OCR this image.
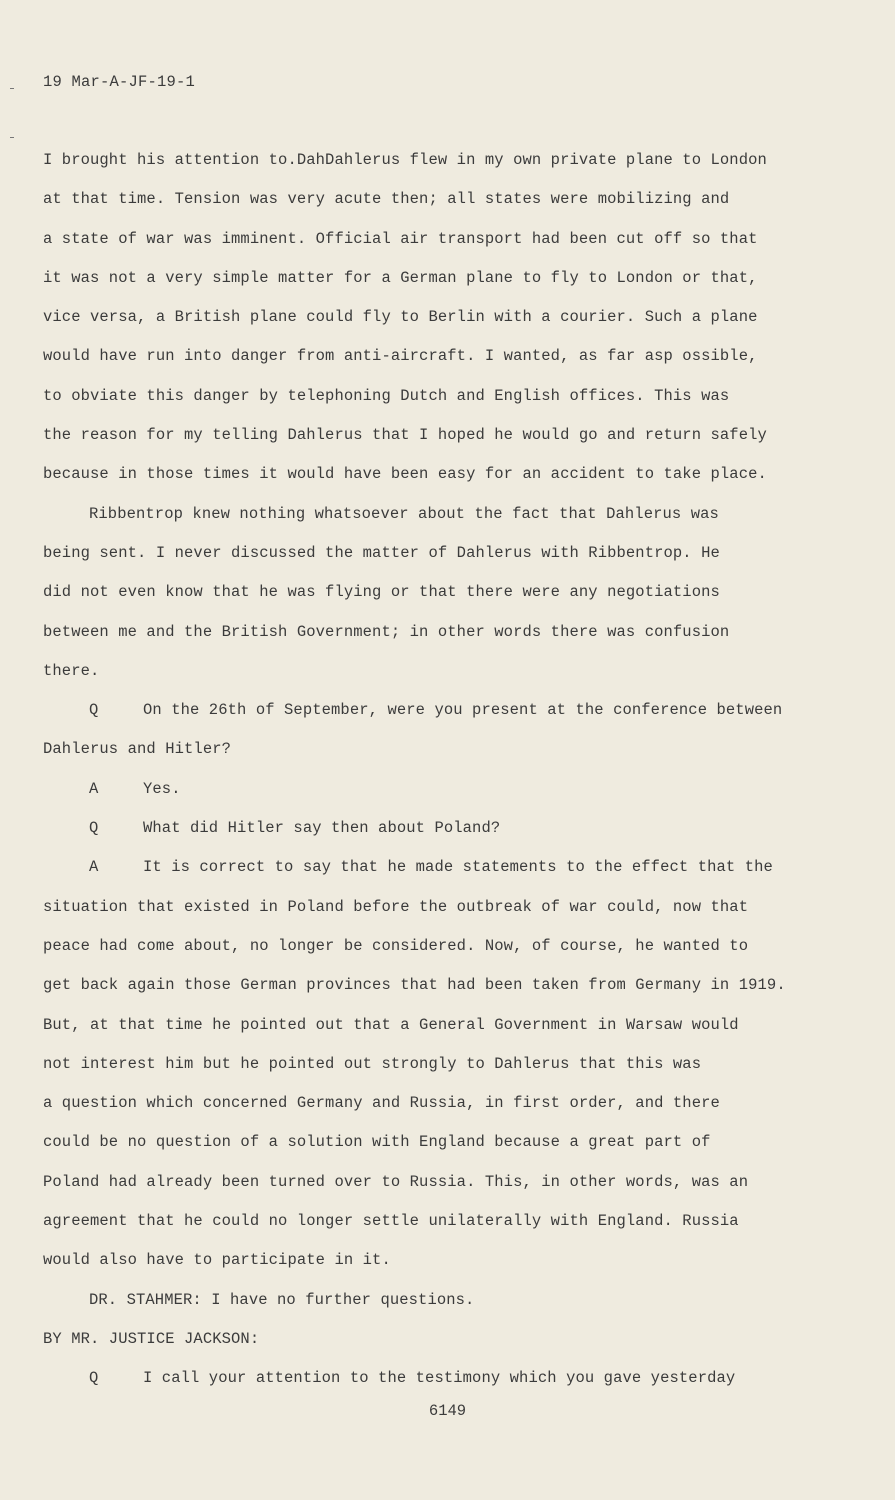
19 Mar-A-JF-19-1
I brought his attention to.DahDahlerus flew in my own private plane to London
at that time. Tension was very acute then; all states were mobilizing and
a state of war was imminent. Official air transport had been cut off so that
it was not a very simple matter for a German plane to fly to London or that,
vice versa, a British plane could fly to Berlin with a courier. Such a plane
would have run into danger from anti-aircraft. I wanted, as far asp ossible,
to obviate this danger by telephoning Dutch and English offices. This was
the reason for my telling Dahlerus that I hoped he would go and return safely
because in those times it would have been easy for an accident to take place.
Ribbentrop knew nothing whatsoever about the fact that Dahlerus was
being sent. I never discussed the matter of Dahlerus with Ribbentrop. He
did not even know that he was flying or that there were any negotiations
between me and the British Government; in other words there was confusion
there.
Q	On the 26th of September, were you present at the conference between
Dahlerus and Hitler?
A	Yes.
Q	What did Hitler say then about Poland?
A	It is correct to say that he made statements to the effect that the
situation that existed in Poland before the outbreak of war could, now that
peace had come about, no longer be considered. Now, of course, he wanted to
get back again those German provinces that had been taken from Germany in 1919.
But, at that time he pointed out that a General Government in Warsaw would
not interest him but he pointed out strongly to Dahlerus that this was
a question which concerned Germany and Russia, in first order, and there
could be no question of a solution with England because a great part of
Poland had already been turned over to Russia. This, in other words, was an
agreement that he could no longer settle unilaterally with England. Russia
would also have to participate in it.
DR. STAHMER: I have no further questions.
BY MR. JUSTICE JACKSON:
Q	I call your attention to the testimony which you gave yesterday
6149
